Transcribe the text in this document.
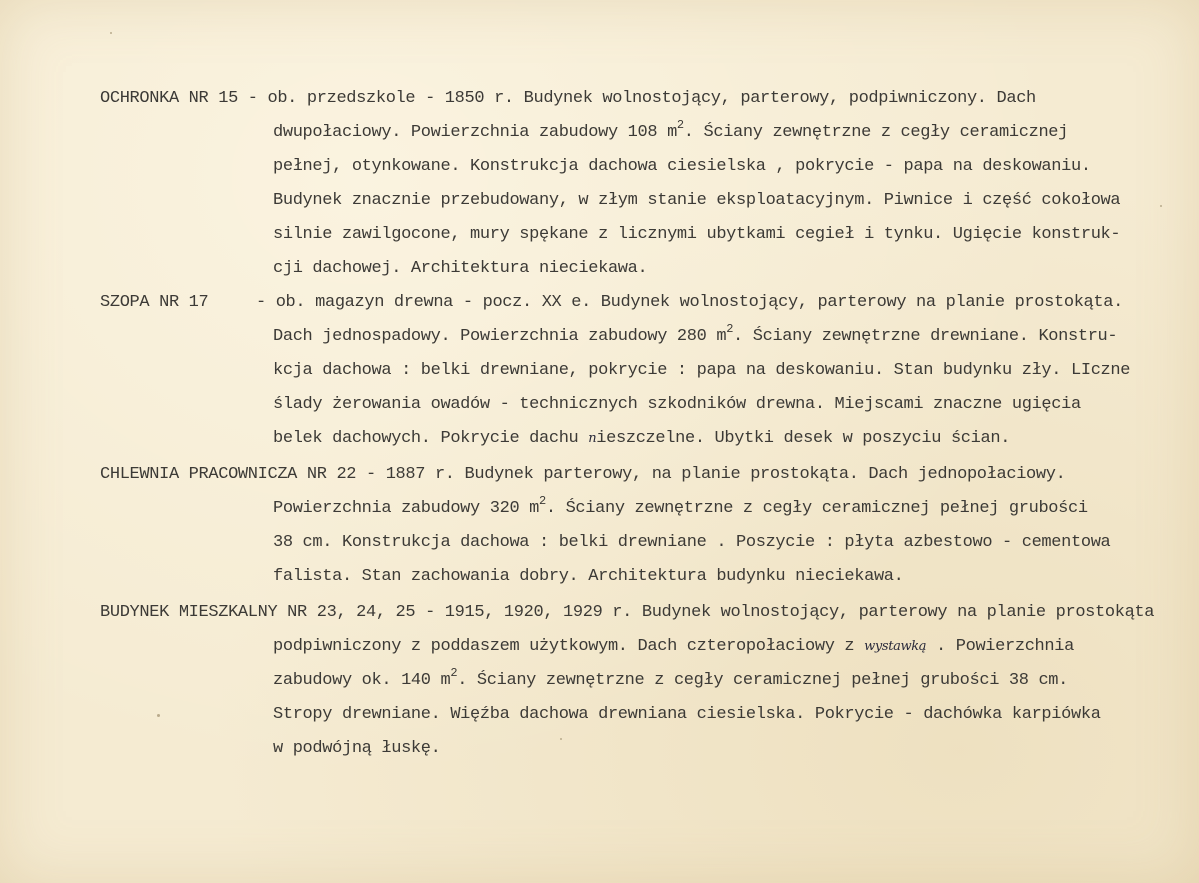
OCHRONKA NR 15 - ob. przedszkole - 1850 r. Budynek wolnostojący, parterowy, podpiwniczony. Dach
dwupołaciowy. Powierzchnia zabudowy 108 $m^2$. Ściany zewnętrzne z cegły ceramicznej
pełnej, otynkowane. Konstrukcja dachowa ciesielska , pokrycie - papa na deskowaniu.
Budynek znacznie przebudowany, w złym stanie eksploatacyjnym. Piwnice i część cokołowa
silnie zawilgocone, mury spękane z licznymi ubytkami cegieł i tynku. Ugięcie konstruk-
cji dachowej. Architektura nieciekawa.
SZOPA NR 17	- ob. magazyn drewna - pocz. XX e. Budynek wolnostojący, parterowy na planie prostokąta.
Dach jednospadowy. Powierzchnia zabudowy 280 $m^2$. Ściany zewnętrzne drewniane. Konstru-
kcja dachowa : belki drewniane, pokrycie : papa na deskowaniu. Stan budynku zły. LIczne
ślady żerowania owadów - technicznych szkodników drewna. Miejscami znaczne ugięcia
belek dachowych. Pokrycie dachu nieszczelne. Ubytki desek w poszyciu ścian.
CHLEWNIA PRACOWNICZA NR 22 - 1887 r. Budynek parterowy, na planie prostokąta. Dach jednopołaciowy.
Powierzchnia zabudowy 320 $m^2$. Ściany zewnętrzne z cegły ceramicznej pełnej grubości
38 cm. Konstrukcja dachowa : belki drewniane . Poszycie : płyta azbestowo - cementowa
falista. Stan zachowania dobry. Architektura budynku nieciekawa.
BUDYNEK MIESZKALNY NR 23, 24, 25 - 1915, 1920, 1929 r. Budynek wolnostojący, parterowy na planie prostokąta
podpiwniczony z poddaszem użytkowym. Dach czteropołaciowy z wystawką . Powierzchnia
zabudowy ok. 140 $m^2$. Ściany zewnętrzne z cegły ceramicznej pełnej grubości 38 cm.
Stropy drewniane. Więźba dachowa drewniana ciesielska. Pokrycie - dachówka karpiówka
w podwójną łuskę.
